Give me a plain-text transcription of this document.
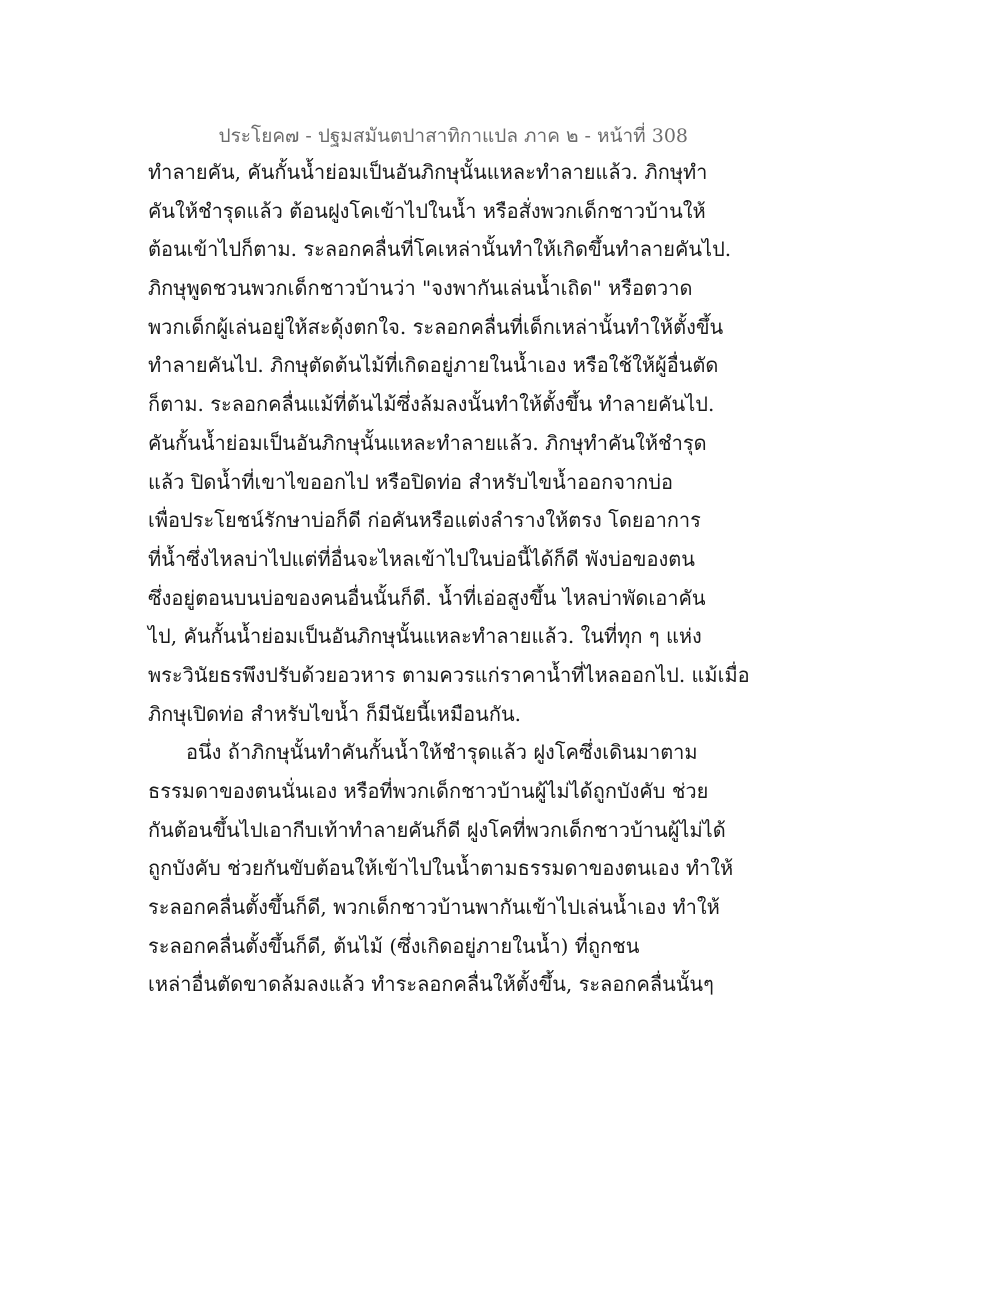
ประโยค๗ - ปฐมสมันตปาสาทิกาแปล ภาค ๒ - หน้าที่ 308
ทำลายคัน, คันกั้นน้ำย่อมเป็นอันภิกษุนั้นแหละทำลายแล้ว. ภิกษุทำ
คันให้ชำรุดแล้ว ต้อนฝูงโคเข้าไปในน้ำ หรือสั่งพวกเด็กชาวบ้านให้
ต้อนเข้าไปก็ตาม. ระลอกคลื่นที่โคเหล่านั้นทำให้เกิดขึ้นทำลายคันไป.
ภิกษุพูดชวนพวกเด็กชาวบ้านว่า "จงพากันเล่นน้ำเถิด" หรือตวาด
พวกเด็กผู้เล่นอยู่ให้สะดุ้งตกใจ. ระลอกคลื่นที่เด็กเหล่านั้นทำให้ตั้งขึ้น
ทำลายคันไป. ภิกษุตัดต้นไม้ที่เกิดอยู่ภายในน้ำเอง หรือใช้ให้ผู้อื่นตัด
ก็ตาม. ระลอกคลื่นแม้ที่ต้นไม้ซึ่งล้มลงนั้นทำให้ตั้งขึ้น ทำลายคันไป.
คันกั้นน้ำย่อมเป็นอันภิกษุนั้นแหละทำลายแล้ว. ภิกษุทำคันให้ชำรุด
แล้ว ปิดน้ำที่เขาไขออกไป หรือปิดท่อ สำหรับไขน้ำออกจากบ่อ
เพื่อประโยชน์รักษาบ่อก็ดี ก่อคันหรือแต่งลำรางให้ตรง โดยอาการ
ที่น้ำซึ่งไหลบ่าไปแต่ที่อื่นจะไหลเข้าไปในบ่อนี้ได้ก็ดี พังบ่อของตน
ซึ่งอยู่ตอนบนบ่อของคนอื่นนั้นก็ดี. น้ำที่เอ่อสูงขึ้น ไหลบ่าพัดเอาคัน
ไป, คันกั้นน้ำย่อมเป็นอันภิกษุนั้นแหละทำลายแล้ว. ในที่ทุก ๆ แห่ง
พระวินัยธรพึงปรับด้วยอวหาร ตามควรแก่ราคาน้ำที่ไหลออกไป. แม้เมื่อ
ภิกษุเปิดท่อ สำหรับไขน้ำ ก็มีนัยนี้เหมือนกัน.
อนึ่ง ถ้าภิกษุนั้นทำคันกั้นน้ำให้ชำรุดแล้ว ฝูงโคซึ่งเดินมาตาม
ธรรมดาของตนนั่นเอง หรือที่พวกเด็กชาวบ้านผู้ไม่ได้ถูกบังคับ ช่วย
กันต้อนขึ้นไปเอากีบเท้าทำลายคันก็ดี ฝูงโคที่พวกเด็กชาวบ้านผู้ไม่ได้
ถูกบังคับ ช่วยกันขับต้อนให้เข้าไปในน้ำตามธรรมดาของตนเอง ทำให้
ระลอกคลื่นตั้งขึ้นก็ดี, พวกเด็กชาวบ้านพากันเข้าไปเล่นน้ำเอง ทำให้
ระลอกคลื่นตั้งขึ้นก็ดี, ต้นไม้ (ซึ่งเกิดอยู่ภายในน้ำ) ที่ถูกชน
เหล่าอื่นตัดขาดล้มลงแล้ว ทำระลอกคลื่นให้ตั้งขึ้น, ระลอกคลื่นนั้นๆ
